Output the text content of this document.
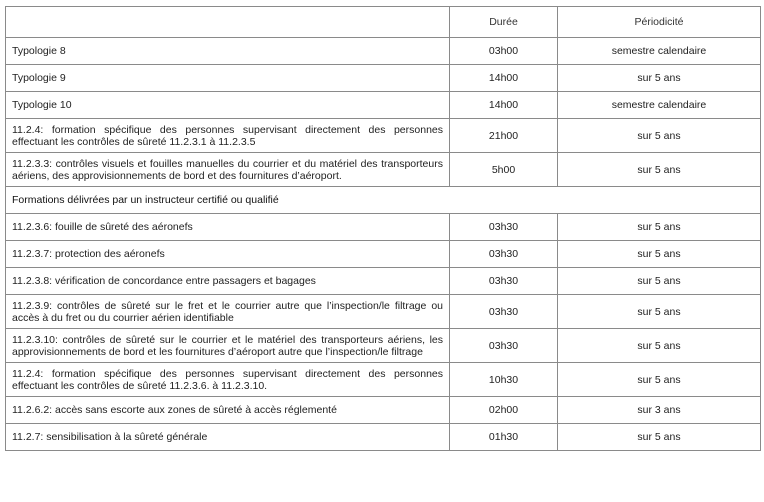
	Durée	Périodicité
Typologie 8	03h00	semestre calendaire
Typologie 9	14h00	sur 5 ans
Typologie 10	14h00	semestre calendaire
11.2.4: formation spécifique des personnes supervisant directement des personnes effectuant les contrôles de sûreté 11.2.3.1 à 11.2.3.5	21h00	sur 5 ans
11.2.3.3: contrôles visuels et fouilles manuelles du courrier et du matériel des transporteurs aériens, des approvisionnements de bord et des fournitures d’aéroport.	5h00	sur 5 ans
Formations délivrées par un instructeur certifié ou qualifié		
11.2.3.6: fouille de sûreté des aéronefs	03h30	sur 5 ans
11.2.3.7: protection des aéronefs	03h30	sur 5 ans
11.2.3.8: vérification de concordance entre passagers et bagages	03h30	sur 5 ans
11.2.3.9: contrôles de sûreté sur le fret et le courrier autre que l’inspection/le filtrage ou accès à du fret ou du courrier aérien identifiable	03h30	sur 5 ans
11.2.3.10: contrôles de sûreté sur le courrier et le matériel des transporteurs aériens, les approvisionnements de bord et les fournitures d’aéroport autre que l’inspection/le filtrage	03h30	sur 5 ans
11.2.4: formation spécifique des personnes supervisant directement des personnes effectuant les contrôles de sûreté 11.2.3.6. à 11.2.3.10.	10h30	sur 5 ans
11.2.6.2: accès sans escorte aux zones de sûreté à accès réglementé	02h00	sur 3 ans
11.2.7: sensibilisation à la sûreté générale	01h30	sur 5 ans
